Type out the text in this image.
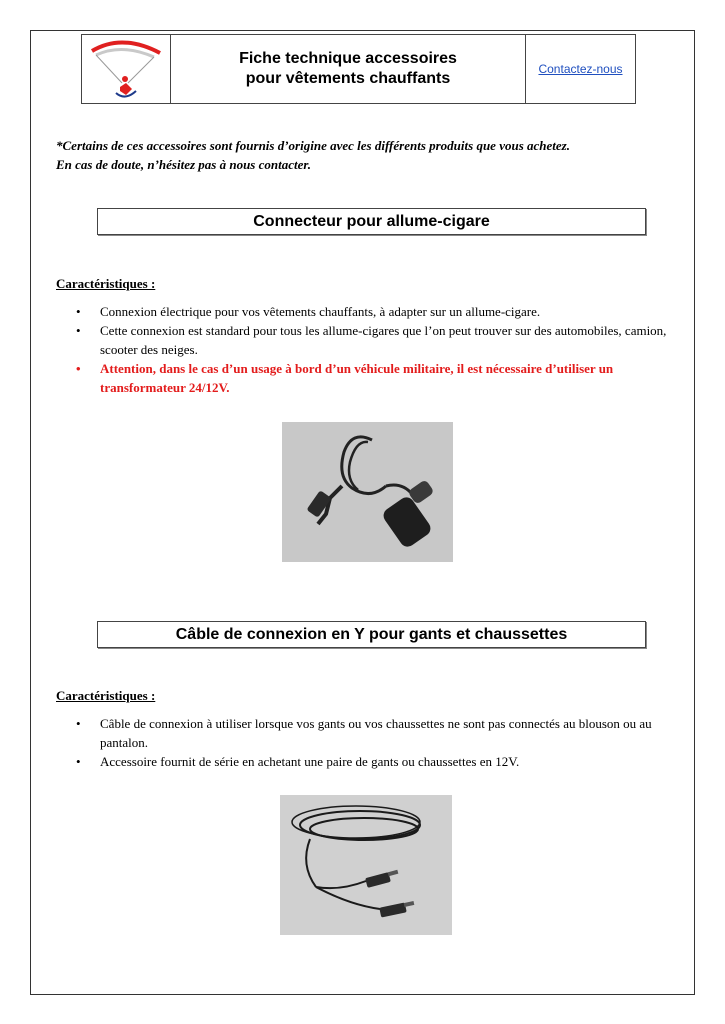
Fiche technique accessoires
pour vêtements chauffants
Contactez-nous
*Certains de ces accessoires sont fournis d’origine avec les différents produits que vous achetez.
En cas de doute, n’hésitez pas à nous contacter.
Connecteur pour allume-cigare
Caractéristiques :
• Connexion électrique pour vos vêtements chauffants, à adapter sur un allume-cigare.
• Cette connexion est standard pour tous les allume-cigares que l’on peut trouver sur des automobiles, camion, scooter des neiges.
• Attention, dans le cas d’un usage à bord d’un véhicule militaire, il est nécessaire d’utiliser un transformateur 24/12V.
Câble de connexion en Y pour gants et chaussettes
Caractéristiques :
• Câble de connexion à utiliser lorsque vos gants ou vos chaussettes ne sont pas connectés au blouson ou au pantalon.
• Accessoire fournit de série en achetant une paire de gants ou chaussettes en 12V.
